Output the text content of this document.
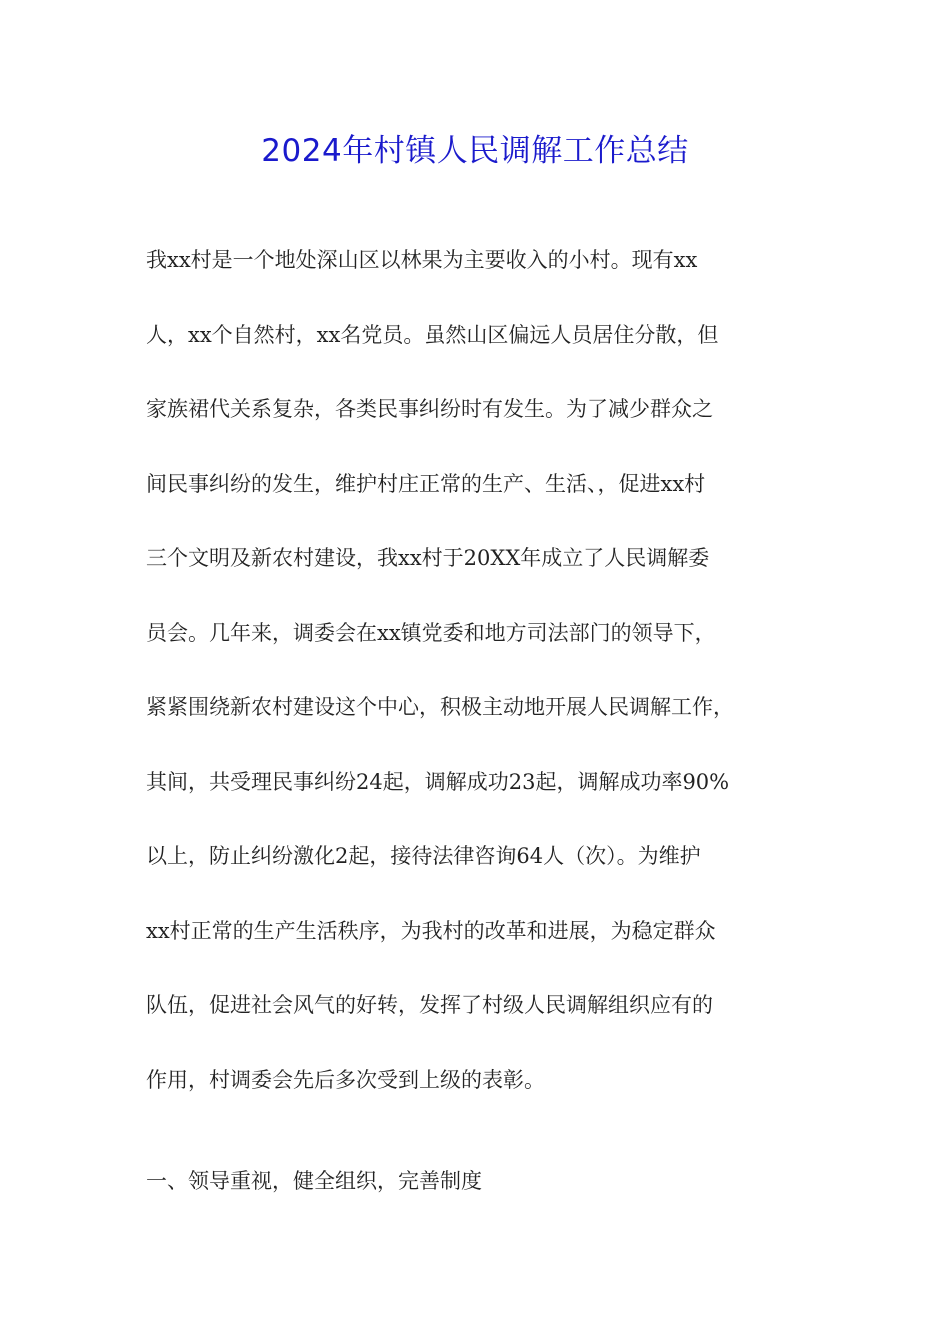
2024年村镇人民调解工作总结
我xx村是一个地处深山区以林果为主要收入的小村。现有xx
人，xx个自然村，xx名党员。虽然山区偏远人员居住分散，但
家族裙代关系复杂，各类民事纠纷时有发生。为了减少群众之
间民事纠纷的发生，维护村庄正常的生产、生活、，促进xx村
三个文明及新农村建设，我xx村于20XX年成立了人民调解委
员会。几年来，调委会在xx镇党委和地方司法部门的领导下，
紧紧围绕新农村建设这个中心，积极主动地开展人民调解工作，
其间，共受理民事纠纷24起，调解成功23起，调解成功率90%
以上，防止纠纷激化2起，接待法律咨询64人（次）。为维护
xx村正常的生产生活秩序，为我村的改革和进展，为稳定群众
队伍，促进社会风气的好转，发挥了村级人民调解组织应有的
作用，村调委会先后多次受到上级的表彰。
一、领导重视，健全组织，完善制度
